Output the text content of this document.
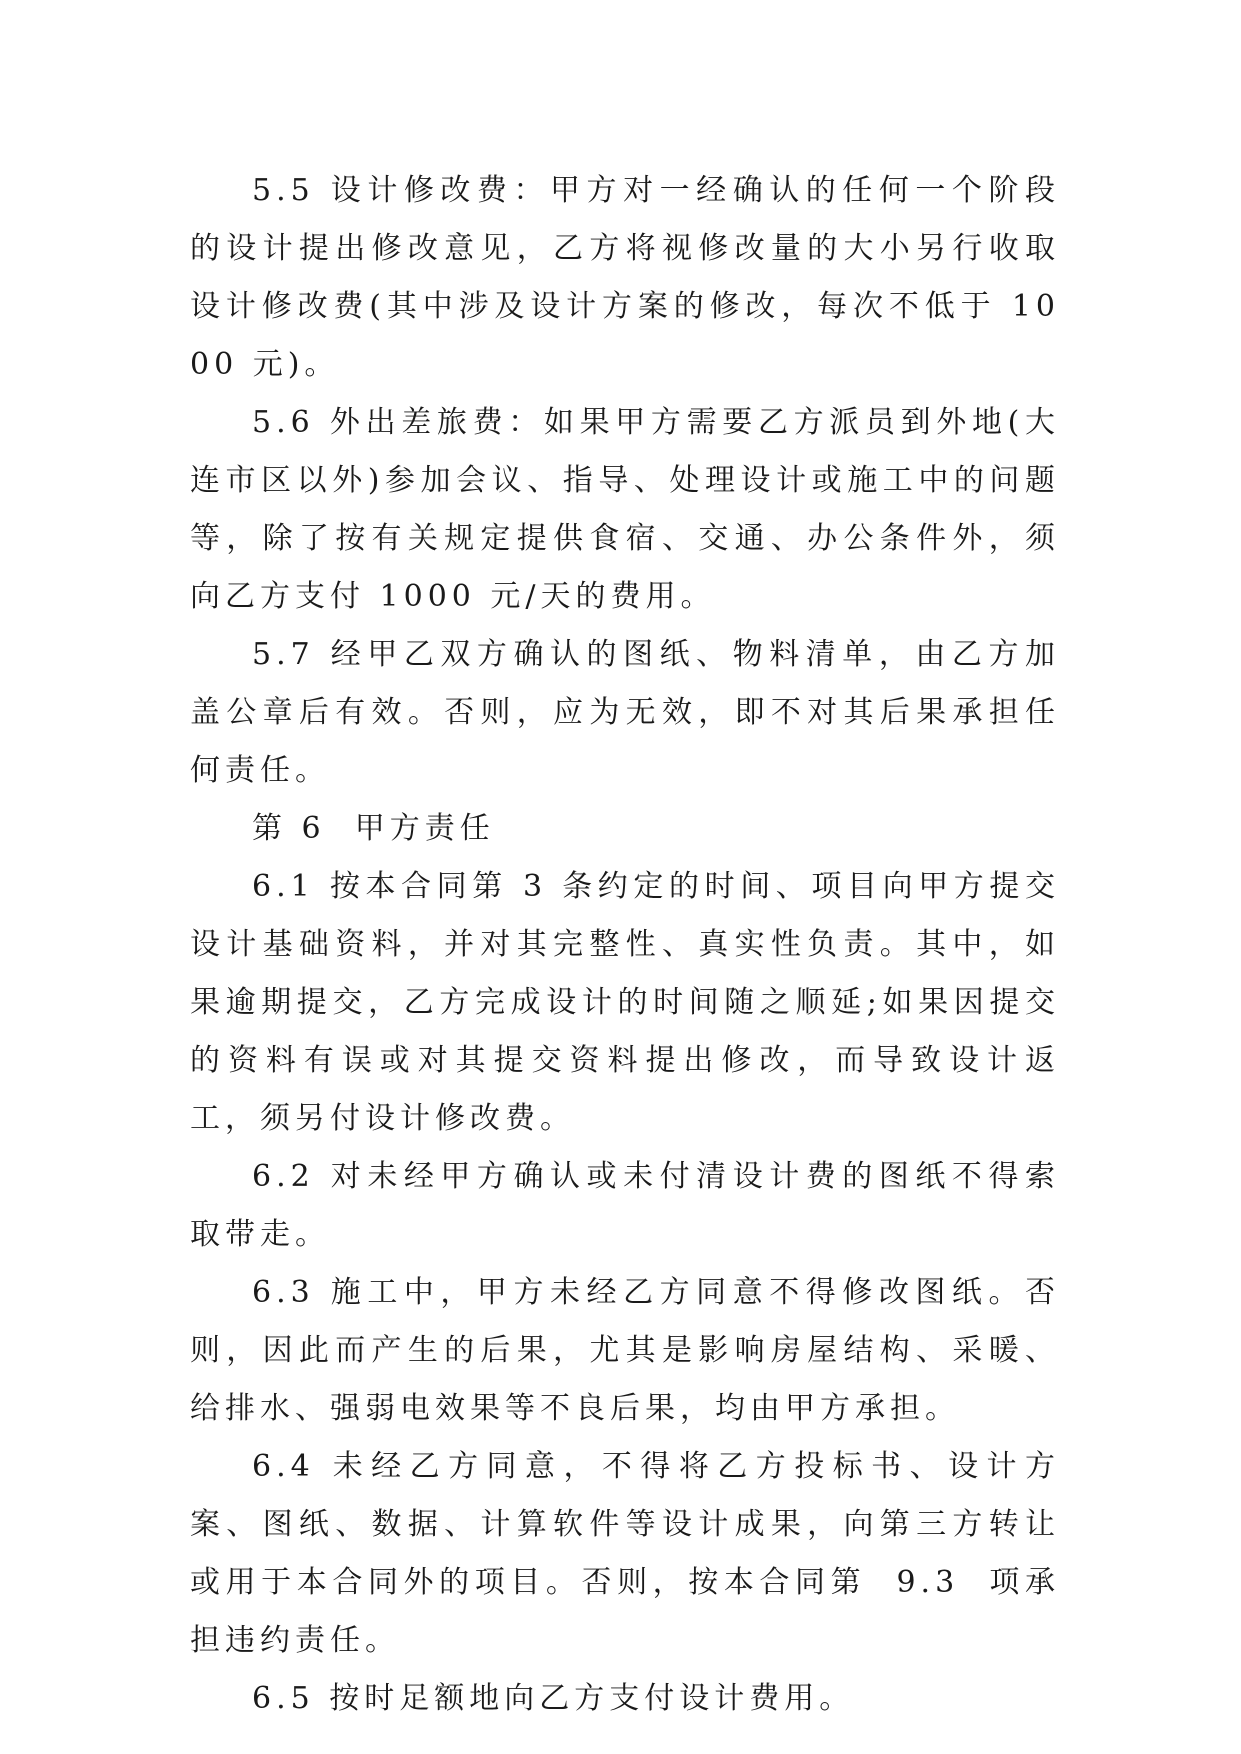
5.5 设计修改费：甲方对一经确认的任何一个阶段的设计提出修改意见，乙方将视修改量的大小另行收取设计修改费(其中涉及设计方案的修改，每次不低于 1000 元)。

5.6 外出差旅费：如果甲方需要乙方派员到外地(大连市区以外)参加会议、指导、处理设计或施工中的问题等，除了按有关规定提供食宿、交通、办公条件外，须向乙方支付 1000 元/天的费用。

5.7 经甲乙双方确认的图纸、物料清单，由乙方加盖公章后有效。否则，应为无效，即不对其后果承担任何责任。

第 6  甲方责任

6.1 按本合同第 3 条约定的时间、项目向甲方提交设计基础资料，并对其完整性、真实性负责。其中，如果逾期提交，乙方完成设计的时间随之顺延;如果因提交的资料有误或对其提交资料提出修改，而导致设计返工，须另付设计修改费。

6.2 对未经甲方确认或未付清设计费的图纸不得索取带走。

6.3 施工中，甲方未经乙方同意不得修改图纸。否则，因此而产生的后果，尤其是影响房屋结构、采暖、给排水、强弱电效果等不良后果，均由甲方承担。

6.4 未经乙方同意，不得将乙方投标书、设计方案、图纸、数据、计算软件等设计成果，向第三方转让或用于本合同外的项目。否则，按本合同第  9.3  项承担违约责任。

6.5 按时足额地向乙方支付设计费用。
